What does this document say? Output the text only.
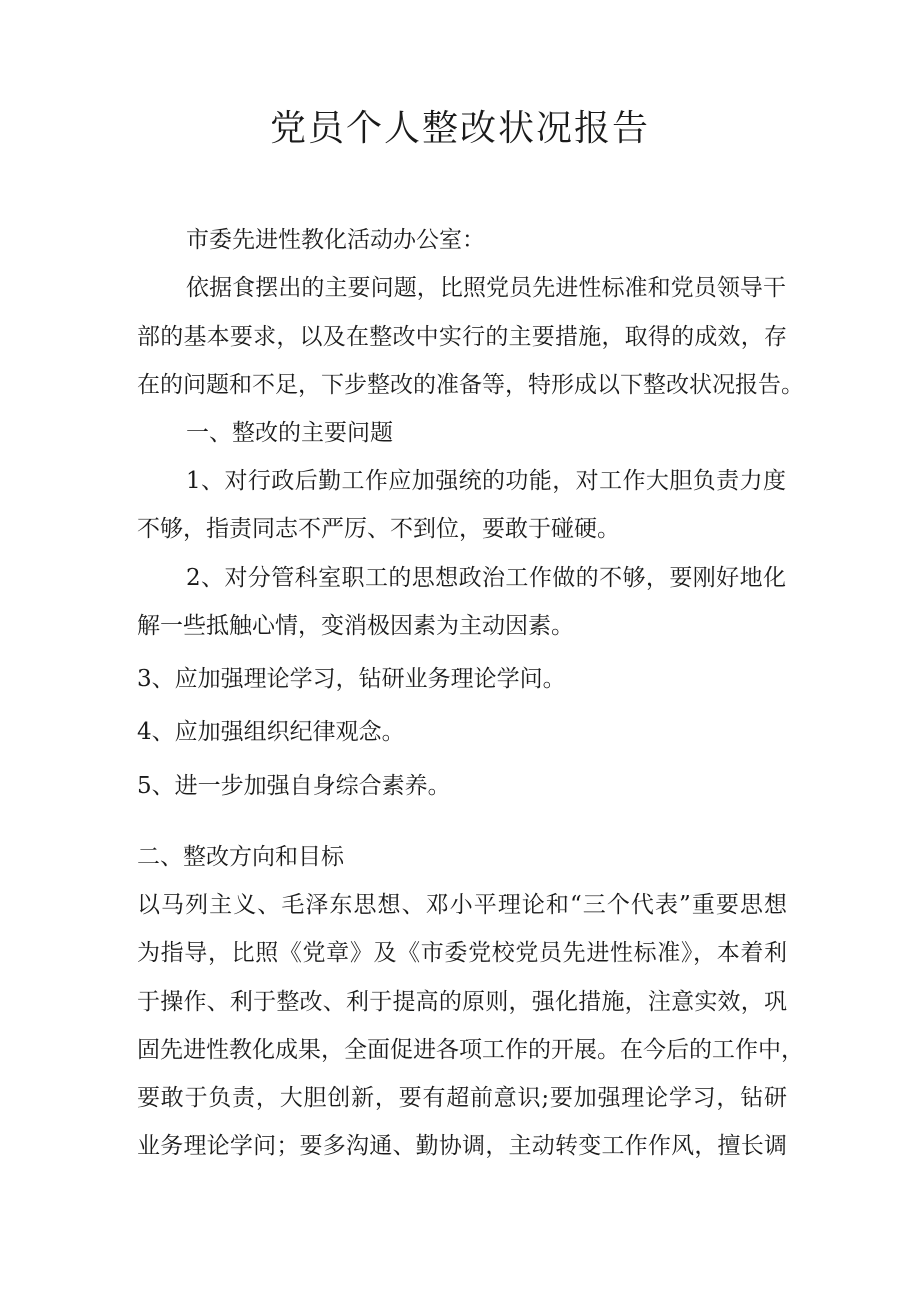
党员个人整改状况报告
市委先进性教化活动办公室：
依据食摆出的主要问题，比照党员先进性标准和党员领导干
部的基本要求，以及在整改中实行的主要措施，取得的成效，存
在的问题和不足，下步整改的准备等，特形成以下整改状况报告。
一、整改的主要问题
1、对行政后勤工作应加强统的功能，对工作大胆负责力度
不够，指责同志不严厉、不到位，要敢于碰硬。
2、对分管科室职工的思想政治工作做的不够，要刚好地化
解一些抵触心情，变消极因素为主动因素。
3、应加强理论学习，钻研业务理论学问。
4、应加强组织纪律观念。
5、进一步加强自身综合素养。
二、整改方向和目标
以马列主义、毛泽东思想、邓小平理论和“三个代表”重要思想
为指导，比照《党章》及《市委党校党员先进性标准》，本着利
于操作、利于整改、利于提高的原则，强化措施，注意实效，巩
固先进性教化成果，全面促进各项工作的开展。在今后的工作中，
要敢于负责，大胆创新，要有超前意识;要加强理论学习，钻研
业务理论学问；要多沟通、勤协调，主动转变工作作风，擅长调
